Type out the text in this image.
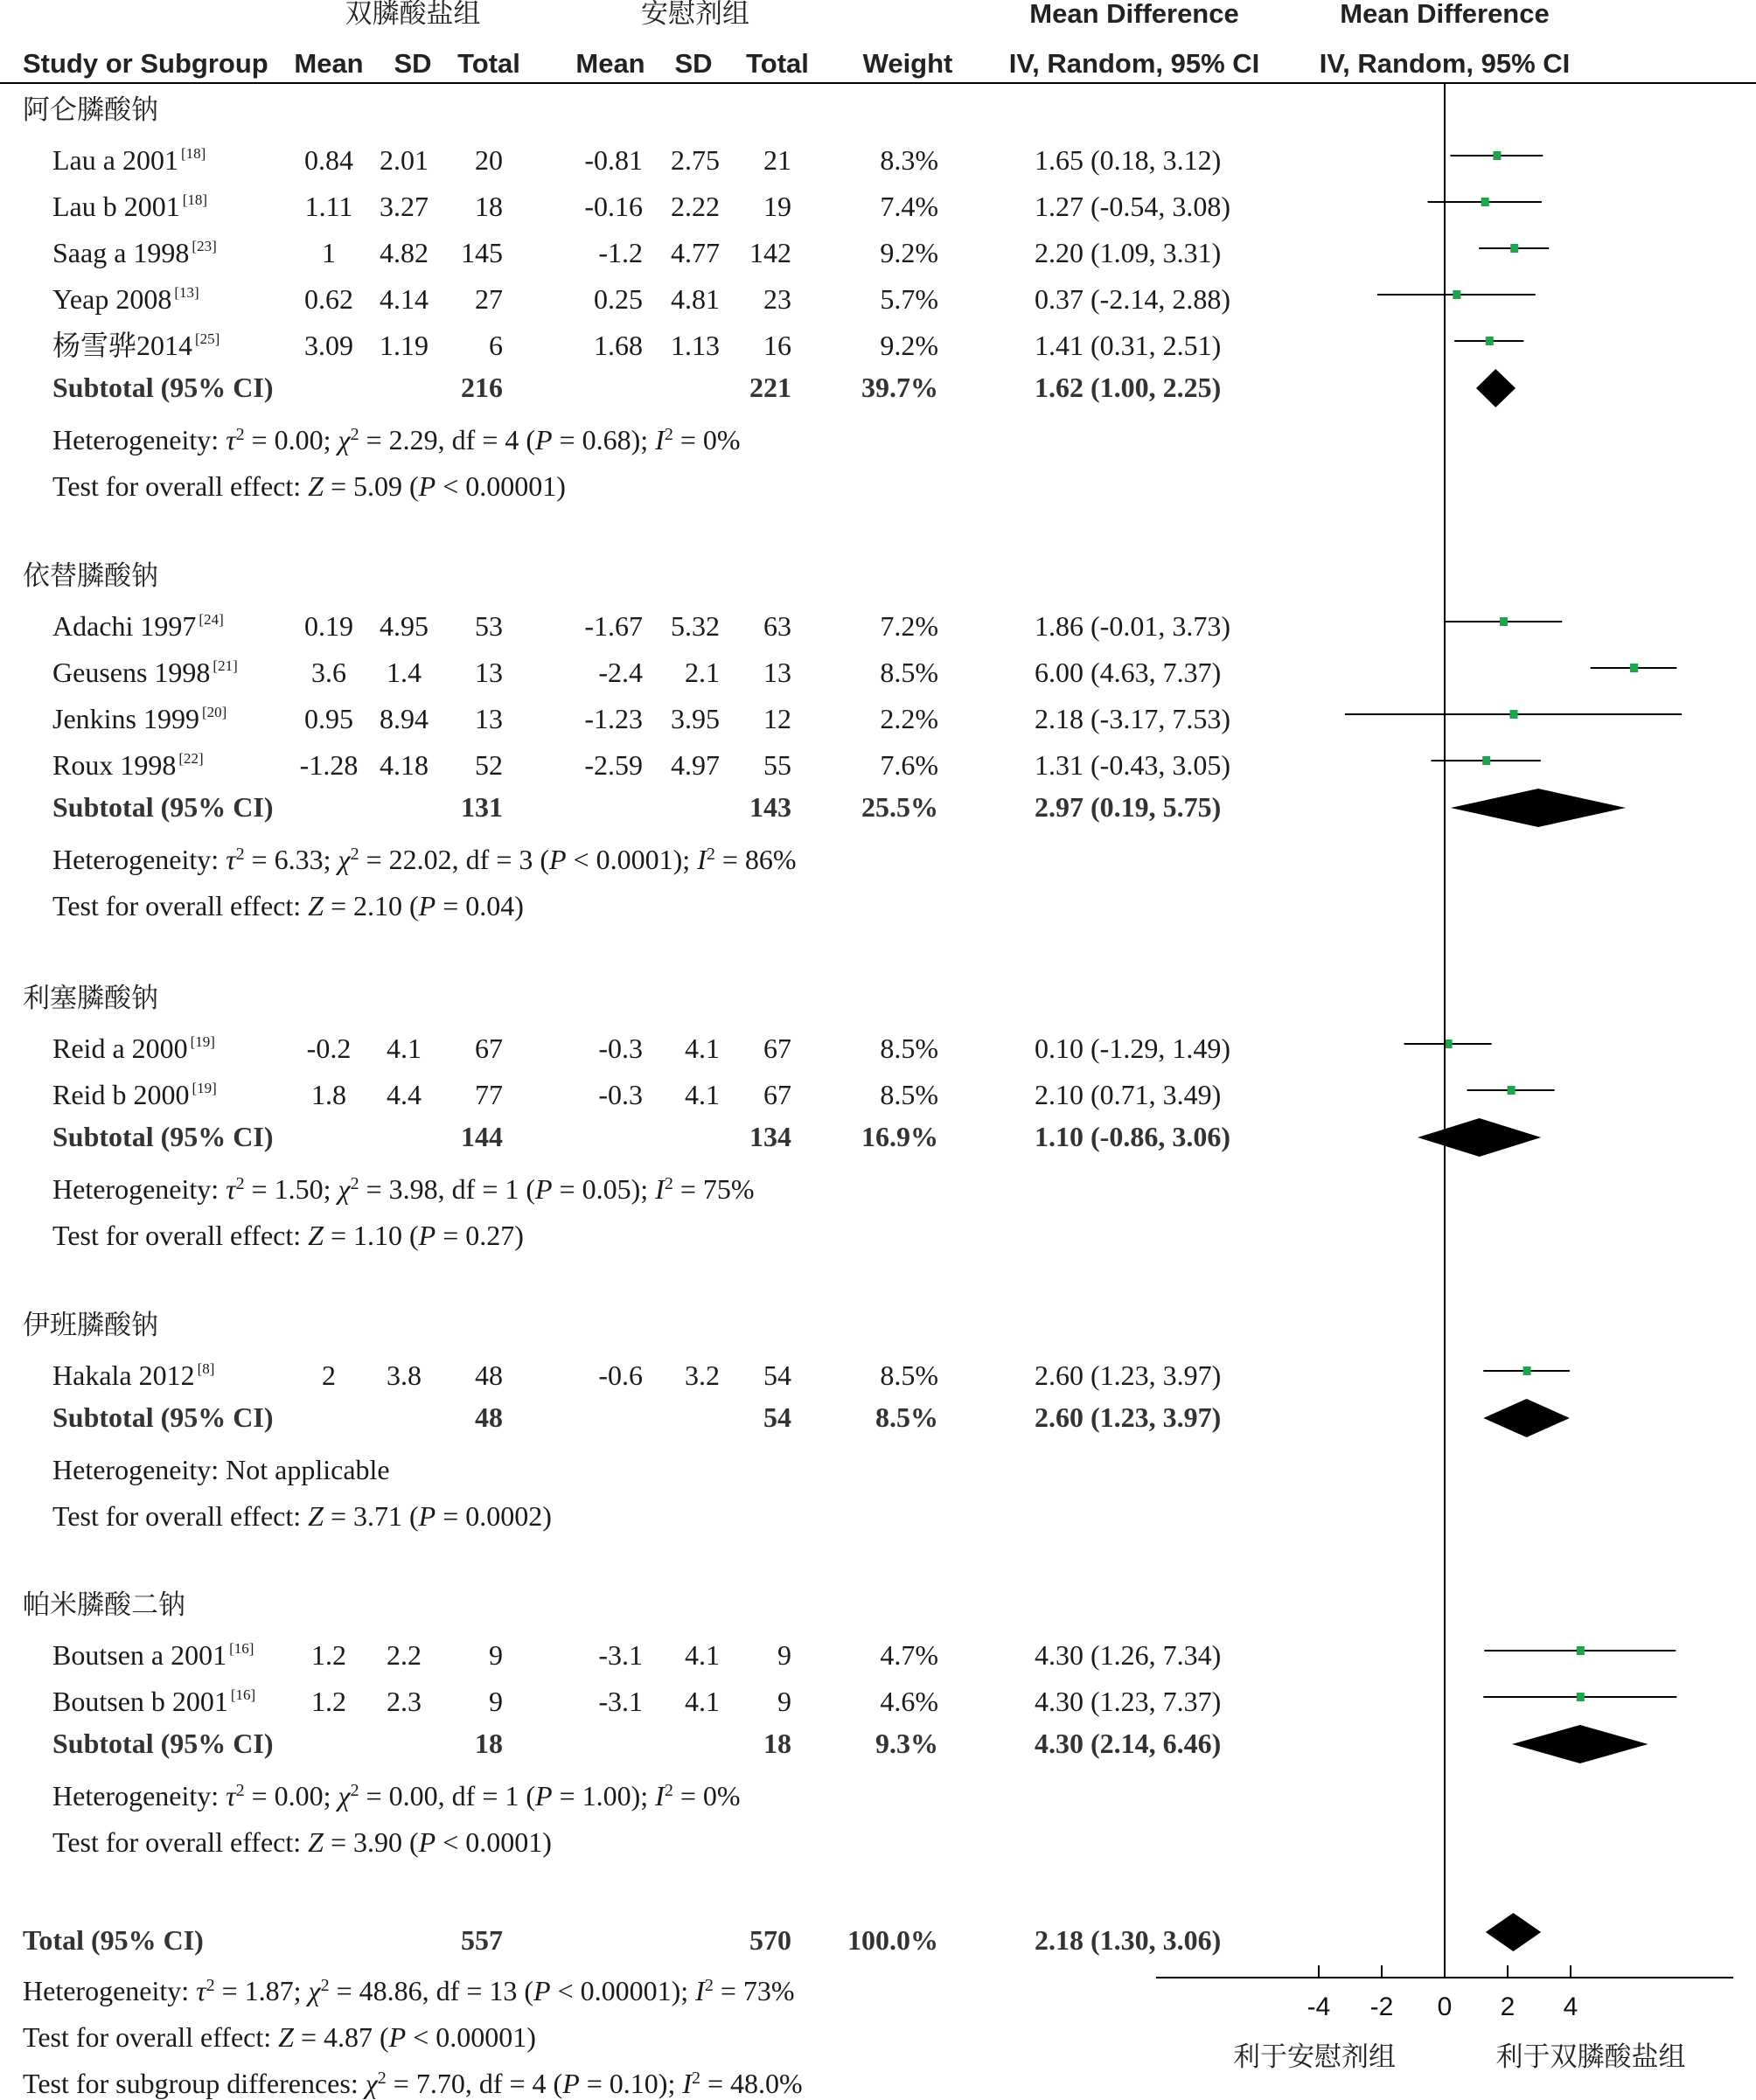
双膦酸盐组	安慰剂组	Mean Difference	Mean Difference
Study or Subgroup Mean SD Total Mean SD Total Weight IV, Random, 95% CI IV, Random, 95% CI
阿仑膦酸钠
Lau a 2001 [18]	0.84 2.01 20	-0.81 2.75 21	8.3%	1.65 (0.18, 3.12)
Lau b 2001 [18]	1.11 3.27 18	-0.16 2.22 19	7.4%	1.27 (-0.54, 3.08)
Saag a 1998 [23]	1 4.82 145	-1.2 4.77 142	9.2%	2.20 (1.09, 3.31)
Yeap 2008 [13]	0.62 4.14 27	0.25 4.81 23	5.7%	0.37 (-2.14, 2.88)
杨雪骅2014 [25]	3.09 1.19 6	1.68 1.13 16	9.2%	1.41 (0.31, 2.51)
Subtotal (95% CI)	216	221	39.7%	1.62 (1.00, 2.25)
Heterogeneity: $\tau^2 = 0.00$; $\chi^2 = 2.29$, df = 4 (P = 0.68); $I^2 = 0\%$
Test for overall effect: Z = 5.09 (P < 0.00001)
依替膦酸钠
Adachi 1997 [24]	0.19 4.95 53	-1.67 5.32 63	7.2%	1.86 (-0.01, 3.73)
Geusens 1998 [21]	3.6 1.4 13	-2.4 2.1 13	8.5%	6.00 (4.63, 7.37)
Jenkins 1999 [20]	0.95 8.94 13	-1.23 3.95 12	2.2%	2.18 (-3.17, 7.53)
Roux 1998 [22]	-1.28 4.18 52	-2.59 4.97 55	7.6%	1.31 (-0.43, 3.05)
Subtotal (95% CI)	131	143	25.5%	2.97 (0.19, 5.75)
Heterogeneity: $\tau^2 = 6.33$; $\chi^2 = 22.02$, df = 3 (P < 0.0001); $I^2 = 86\%$
Test for overall effect: Z = 2.10 (P = 0.04)
利塞膦酸钠
Reid a 2000 [19]	-0.2 4.1 67	-0.3 4.1 67	8.5%	0.10 (-1.29, 1.49)
Reid b 2000 [19]	1.8 4.4 77	-0.3 4.1 67	8.5%	2.10 (0.71, 3.49)
Subtotal (95% CI)	144	134	16.9%	1.10 (-0.86, 3.06)
Heterogeneity: $\tau^2 = 1.50$; $\chi^2 = 3.98$, df = 1 (P = 0.05); $I^2 = 75\%$
Test for overall effect: Z = 1.10 (P = 0.27)
伊班膦酸钠
Hakala 2012 [8]	2 3.8 48	-0.6 3.2 54	8.5%	2.60 (1.23, 3.97)
Subtotal (95% CI)	48	54	8.5%	2.60 (1.23, 3.97)
Heterogeneity: Not applicable
Test for overall effect: Z = 3.71 (P = 0.0002)
帕米膦酸二钠
Boutsen a 2001 [16] 1.2 2.2 9	-3.1 4.1 9	4.7%	4.30 (1.26, 7.34)
Boutsen b 2001 [16] 1.2 2.3 9	-3.1 4.1 9	4.6%	4.30 (1.23, 7.37)
Subtotal (95% CI)	18	18	9.3%	4.30 (2.14, 6.46)
Heterogeneity: $\tau^2 = 0.00$; $\chi^2 = 0.00$, df = 1 (P = 1.00); $I^2 = 0\%$
Test for overall effect: Z = 3.90 (P < 0.0001)
Total (95% CI)	557	570 100.0%	2.18 (1.30, 3.06)
Heterogeneity: $\tau^2 = 1.87$; $\chi^2 = 48.86$, df = 13 (P < 0.00001); $I^2 = 73\%$
Test for overall effect: Z = 4.87 (P < 0.00001)
Test for subgroup differences: $\chi^2 = 7.70$, df = 4 (P = 0.10); $I^2 = 48.0\%$
-4 -2 0 2 4
利于安慰剂组	利于双膦酸盐组
